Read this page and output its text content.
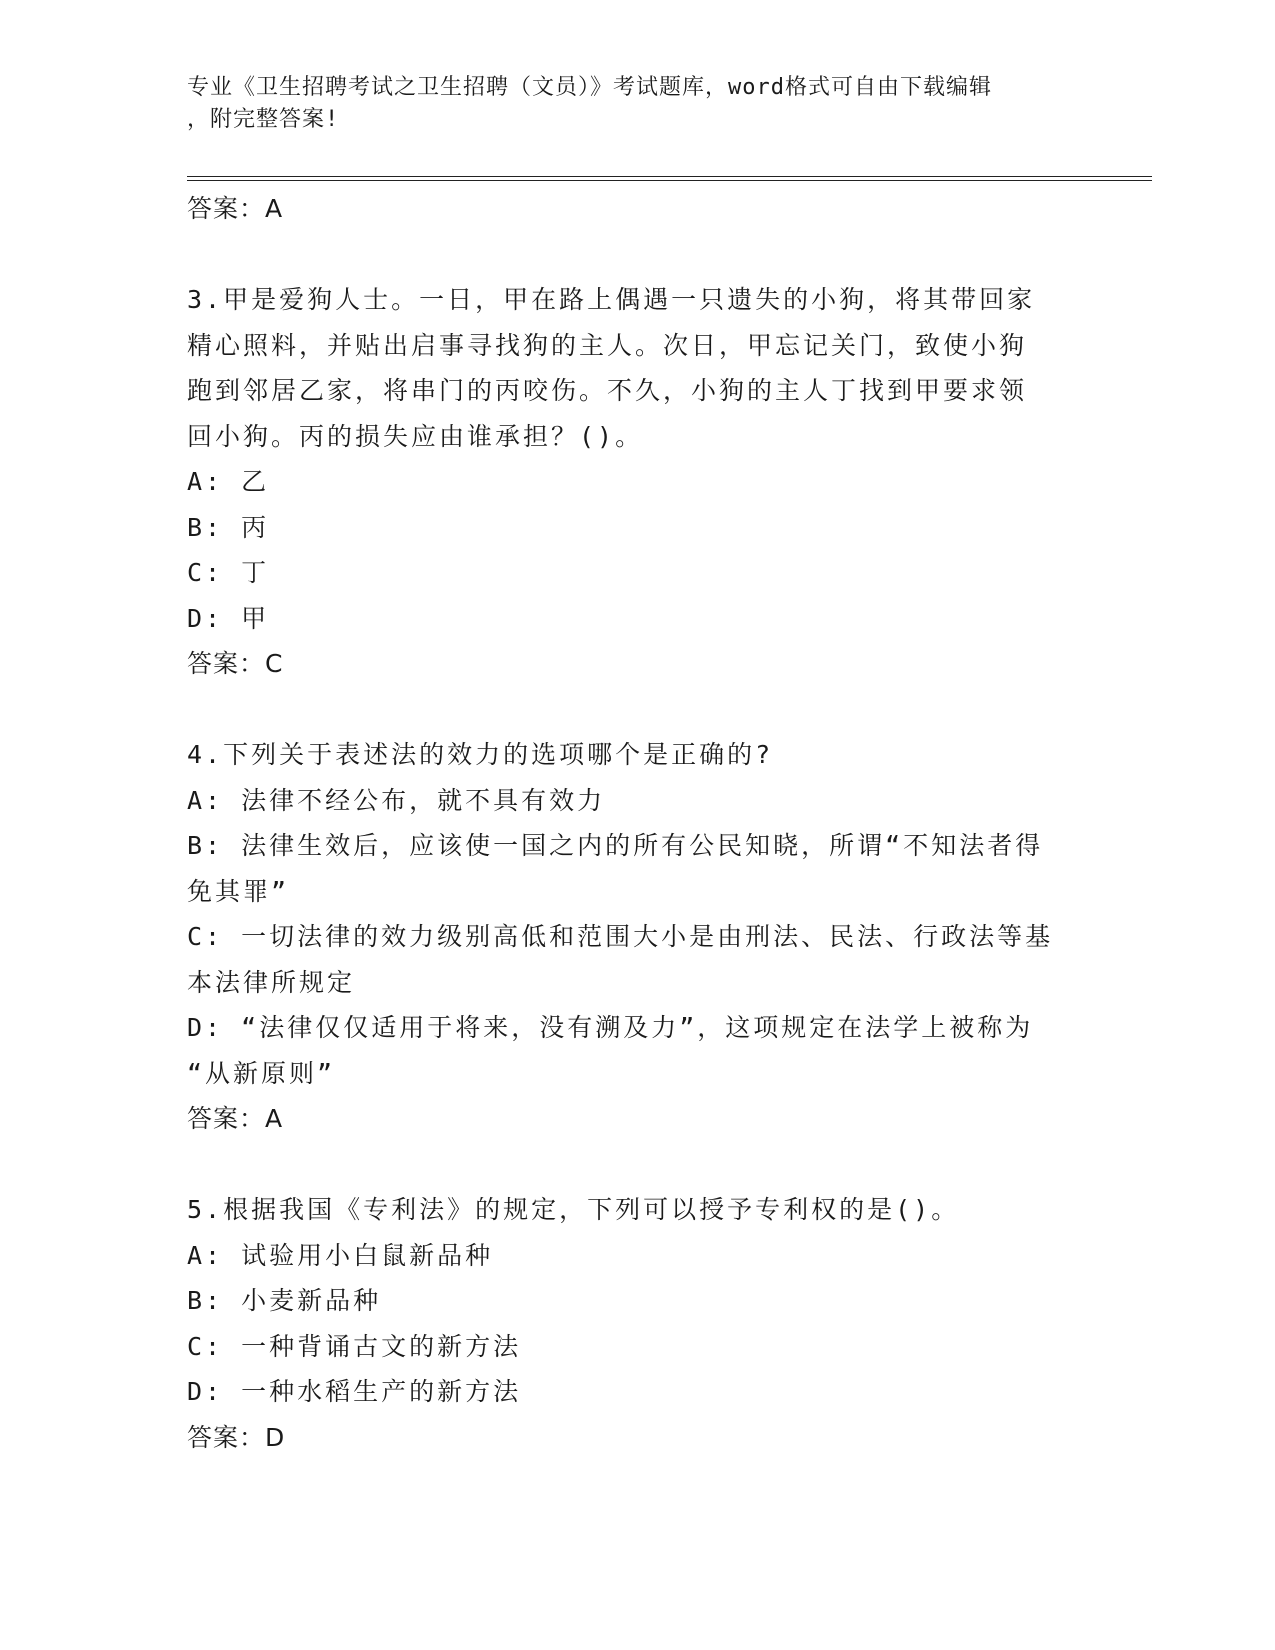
专业《卫生招聘考试之卫生招聘（文员）》考试题库，word格式可自由下载编辑
，附完整答案!
答案：A
3.甲是爱狗人士。一日，甲在路上偶遇一只遗失的小狗，将其带回家
精心照料，并贴出启事寻找狗的主人。次日，甲忘记关门，致使小狗
跑到邻居乙家，将串门的丙咬伤。不久，小狗的主人丁找到甲要求领
回小狗。丙的损失应由谁承担？()。
A: 乙
B: 丙
C: 丁
D: 甲
答案：C
4.下列关于表述法的效力的选项哪个是正确的?
A: 法律不经公布，就不具有效力
B: 法律生效后，应该使一国之内的所有公民知晓，所谓“不知法者得
免其罪”
C: 一切法律的效力级别高低和范围大小是由刑法、民法、行政法等基
本法律所规定
D: “法律仅仅适用于将来，没有溯及力”，这项规定在法学上被称为
“从新原则”
答案：A
5.根据我国《专利法》的规定，下列可以授予专利权的是()。
A: 试验用小白鼠新品种
B: 小麦新品种
C: 一种背诵古文的新方法
D: 一种水稻生产的新方法
答案：D
